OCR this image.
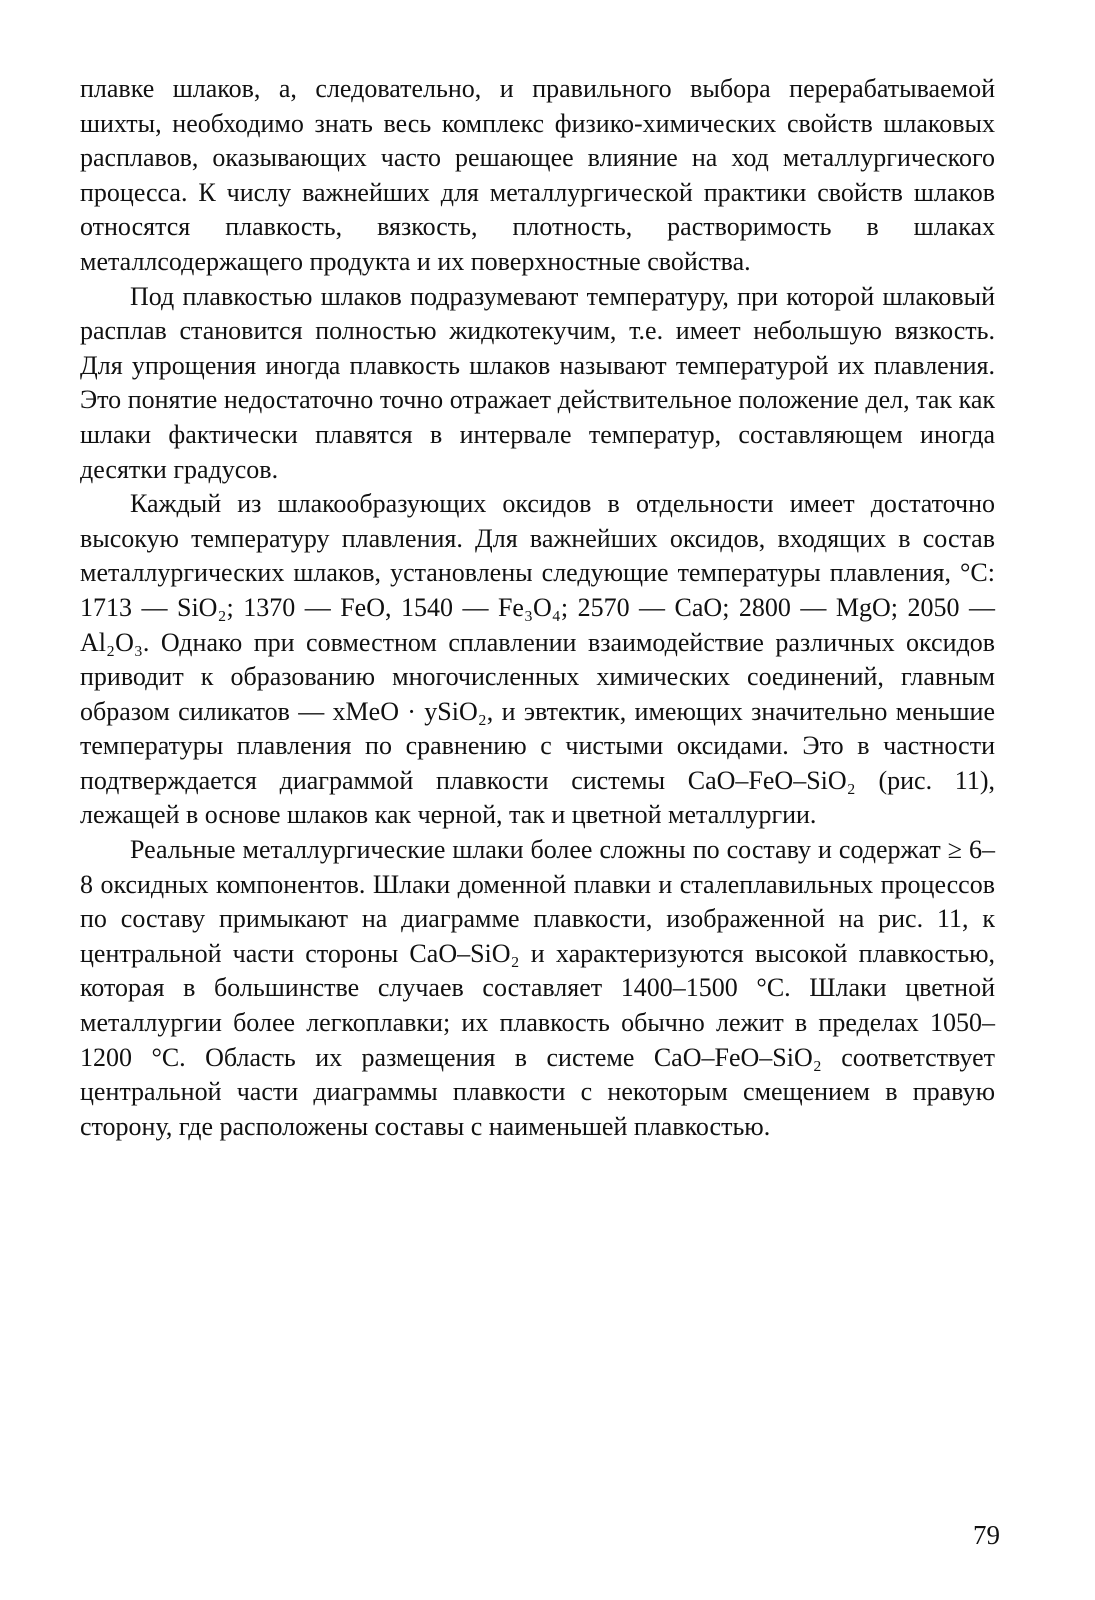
плавке шлаков, а, следовательно, и правильного выбора перерабатываемой шихты, необходимо знать весь комплекс физико-химических свойств шлаковых расплавов, оказывающих часто решающее влияние на ход металлургического процесса. К числу важнейших для металлургической практики свойств шлаков относятся плавкость, вязкость, плотность, растворимость в шлаках металлсодержащего продукта и их поверхностные свойства.

Под плавкостью шлаков подразумевают температуру, при которой шлаковый расплав становится полностью жидкотекучим, т.е. имеет небольшую вязкость. Для упрощения иногда плавкость шлаков называют температурой их плавления. Это понятие недостаточно точно отражает действительное положение дел, так как шлаки фактически плавятся в интервале температур, составляющем иногда десятки градусов.

Каждый из шлакообразующих оксидов в отдельности имеет достаточно высокую температуру плавления. Для важнейших оксидов, входящих в состав металлургических шлаков, установлены следующие температуры плавления, °С: 1713 — SiO₂; 1370 — FeO, 1540 — Fe₃O₄; 2570 — CaO; 2800 — MgO; 2050 — Al₂O₃. Однако при совместном сплавлении взаимодействие различных оксидов приводит к образованию многочисленных химических соединений, главным образом силикатов — xMeO · ySiO₂, и эвтектик, имеющих значительно меньшие температуры плавления по сравнению с чистыми оксидами. Это в частности подтверждается диаграммой плавкости системы CaO–FeO–SiO₂ (рис. 11), лежащей в основе шлаков как черной, так и цветной металлургии.

Реальные металлургические шлаки более сложны по составу и содержат ≥ 6–8 оксидных компонентов. Шлаки доменной плавки и сталеплавильных процессов по составу примыкают на диаграмме плавкости, изображенной на рис. 11, к центральной части стороны CaO–SiO₂ и характеризуются высокой плавкостью, которая в большинстве случаев составляет 1400–1500 °С. Шлаки цветной металлургии более легкоплавки; их плавкость обычно лежит в пределах 1050–1200 °С. Область их размещения в системе CaO–FeO–SiO₂ соответствует центральной части диаграммы плавкости с некоторым смещением в правую сторону, где расположены составы с наименьшей плавкостью.

79
